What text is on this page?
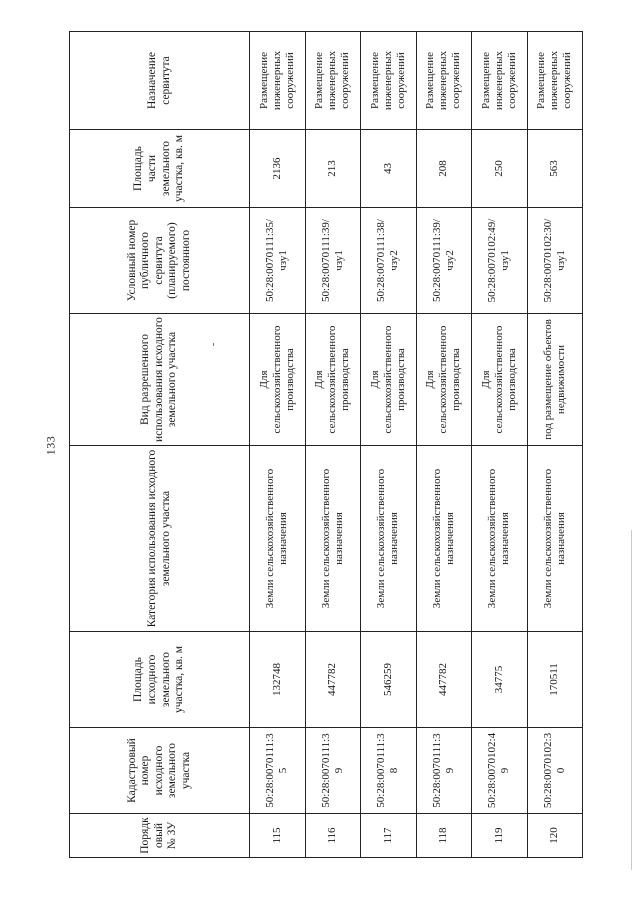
133
Порядковый № ЗУ	Кадастровый номер исходного земельного участка	Площадь исходного земельного участка, кв. м	Категория использования исходного земельного участка	Вид разрешенного использования исходного земельного участка	Условный номер публичного сервитута (планируемого) постоянного	Площадь части земельного участка, кв. м	Назначение сервитута
115	50:28:0070111:35	132748	Земли сельскохозяйственного назначения	Для сельскохозяйственного производства	50:28:0070111:35/чзу1	2136	Размещение инженерных сооружений
116	50:28:0070111:39	447782	Земли сельскохозяйственного назначения	Для сельскохозяйственного производства	50:28:0070111:39/чзу1	213	Размещение инженерных сооружений
117	50:28:0070111:38	546259	Земли сельскохозяйственного назначения	Для сельскохозяйственного производства	50:28:0070111:38/чзу2	43	Размещение инженерных сооружений
118	50:28:0070111:39	447782	Земли сельскохозяйственного назначения	Для сельскохозяйственного производства	50:28:0070111:39/чзу2	208	Размещение инженерных сооружений
119	50:28:0070102:49	34775	Земли сельскохозяйственного назначения	Для сельскохозяйственного производства	50:28:0070102:49/чзу1	250	Размещение инженерных сооружений
120	50:28:0070102:30	170511	Земли сельскохозяйственного назначения	под размещение объектов недвижимости	50:28:0070102:30/чзу1	563	Размещение инженерных сооружений
